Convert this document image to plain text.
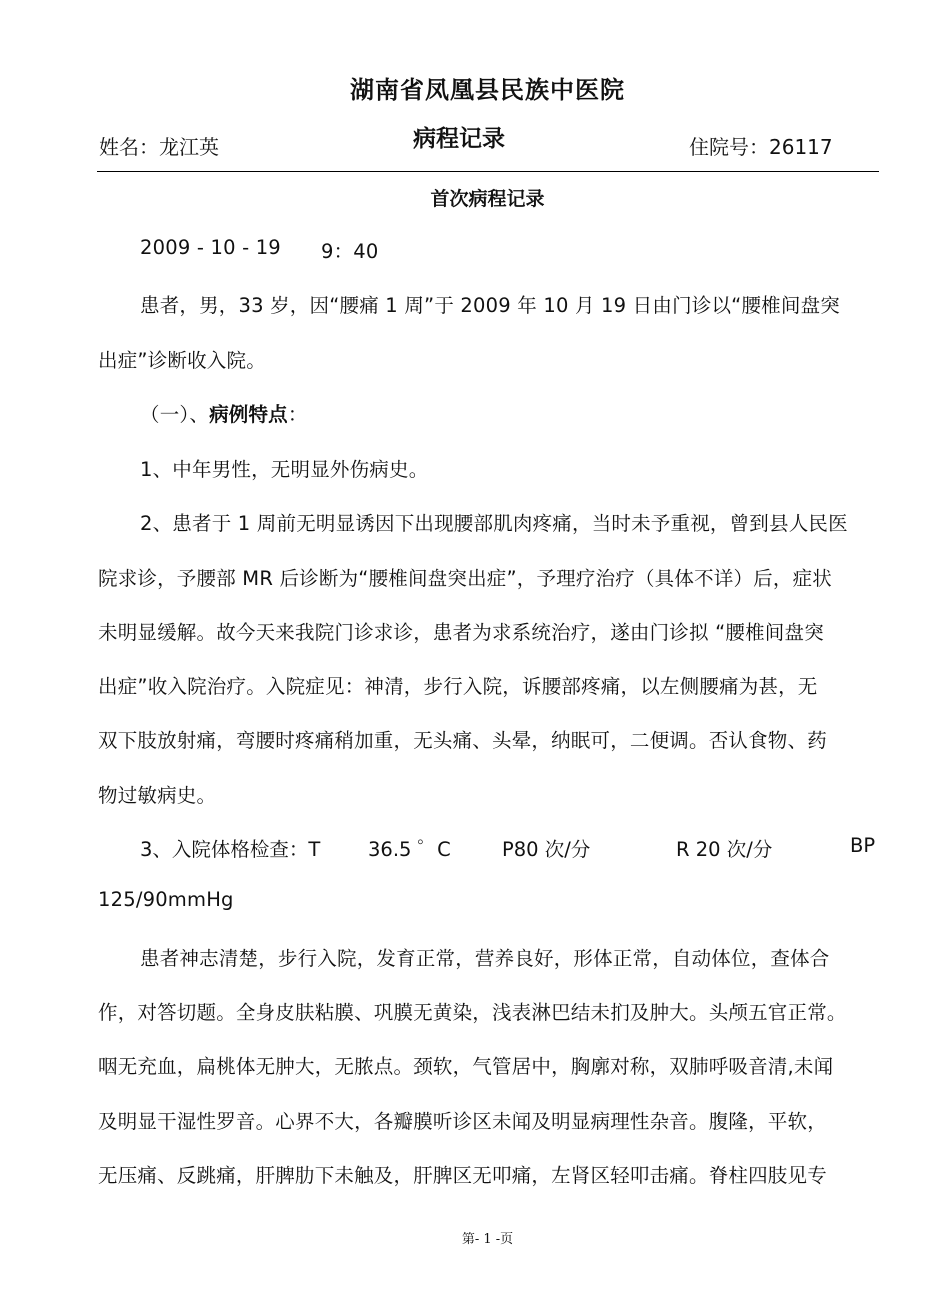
湖南省凤凰县民族中医院
姓名：龙江英	病程记录	住院号：26117
首次病程记录
2009 - 10 - 19 9：40
患者，男，33 岁，因“腰痛 1 周”于 2009 年 10 月 19 日由门诊以“腰椎间盘突
出症”诊断收入院。
（一）、病例特点：
1、中年男性，无明显外伤病史。
2、患者于 1 周前无明显诱因下出现腰部肌肉疼痛，当时未予重视，曾到县人民医
院求诊，予腰部 MR 后诊断为“腰椎间盘突出症”，予理疗治疗（具体不详）后，症状
未明显缓解。故今天来我院门诊求诊，患者为求系统治疗，遂由门诊拟 “腰椎间盘突
出症”收入院治疗。入院症见：神清，步行入院，诉腰部疼痛，以左侧腰痛为甚，无
双下肢放射痛，弯腰时疼痛稍加重，无头痛、头晕，纳眠可，二便调。否认食物、药
物过敏病史。
3、入院体格检查：T 36.5 ゜C	P80 次/分	R 20 次/分	BP
125/90mmHg
患者神志清楚，步行入院，发育正常，营养良好，形体正常，自动体位，查体合
作，对答切题。全身皮肤粘膜、巩膜无黄染，浅表淋巴结未扪及肿大。头颅五官正常。
咽无充血，扁桃体无肿大，无脓点。颈软，气管居中，胸廓对称，双肺呼吸音清,未闻
及明显干湿性罗音。心界不大，各瓣膜听诊区未闻及明显病理性杂音。腹隆，平软，
无压痛、反跳痛，肝脾肋下未触及，肝脾区无叩痛，左肾区轻叩击痛。脊柱四肢见专
第- 1 -页
